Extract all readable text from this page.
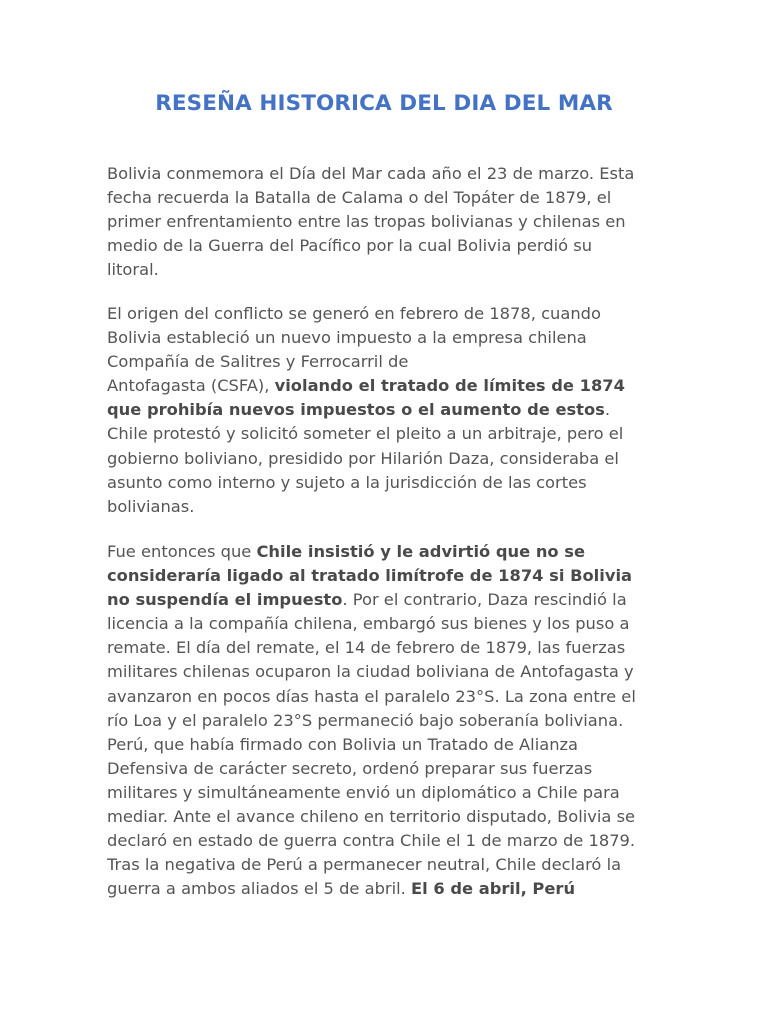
RESEÑA HISTORICA DEL DIA DEL MAR
Bolivia conmemora el Día del Mar cada año el 23 de marzo. Esta
fecha recuerda la Batalla de Calama o del Topáter de 1879, el
primer enfrentamiento entre las tropas bolivianas y chilenas en
medio de la Guerra del Pacífico por la cual Bolivia perdió su
litoral.
El origen del conflicto se generó en febrero de 1878, cuando
Bolivia estableció un nuevo impuesto a la empresa chilena
Compañía de Salitres y Ferrocarril de
Antofagasta (CSFA), violando el tratado de límites de 1874
que prohibía nuevos impuestos o el aumento de estos.
Chile protestó y solicitó someter el pleito a un arbitraje, pero el
gobierno boliviano, presidido por Hilarión Daza, consideraba el
asunto como interno y sujeto a la jurisdicción de las cortes
bolivianas.
Fue entonces que Chile insistió y le advirtió que no se
consideraría ligado al tratado limítrofe de 1874 si Bolivia
no suspendía el impuesto. Por el contrario, Daza rescindió la
licencia a la compañía chilena, embargó sus bienes y los puso a
remate. El día del remate, el 14 de febrero de 1879, las fuerzas
militares chilenas ocuparon la ciudad boliviana de Antofagasta y
avanzaron en pocos días hasta el paralelo 23°S. La zona entre el
río Loa y el paralelo 23°S permaneció bajo soberanía boliviana.
Perú, que había firmado con Bolivia un Tratado de Alianza
Defensiva de carácter secreto, ordenó preparar sus fuerzas
militares y simultáneamente envió un diplomático a Chile para
mediar. Ante el avance chileno en territorio disputado, Bolivia se
declaró en estado de guerra contra Chile el 1 de marzo de 1879.
Tras la negativa de Perú a permanecer neutral, Chile declaró la
guerra a ambos aliados el 5 de abril. El 6 de abril, Perú
